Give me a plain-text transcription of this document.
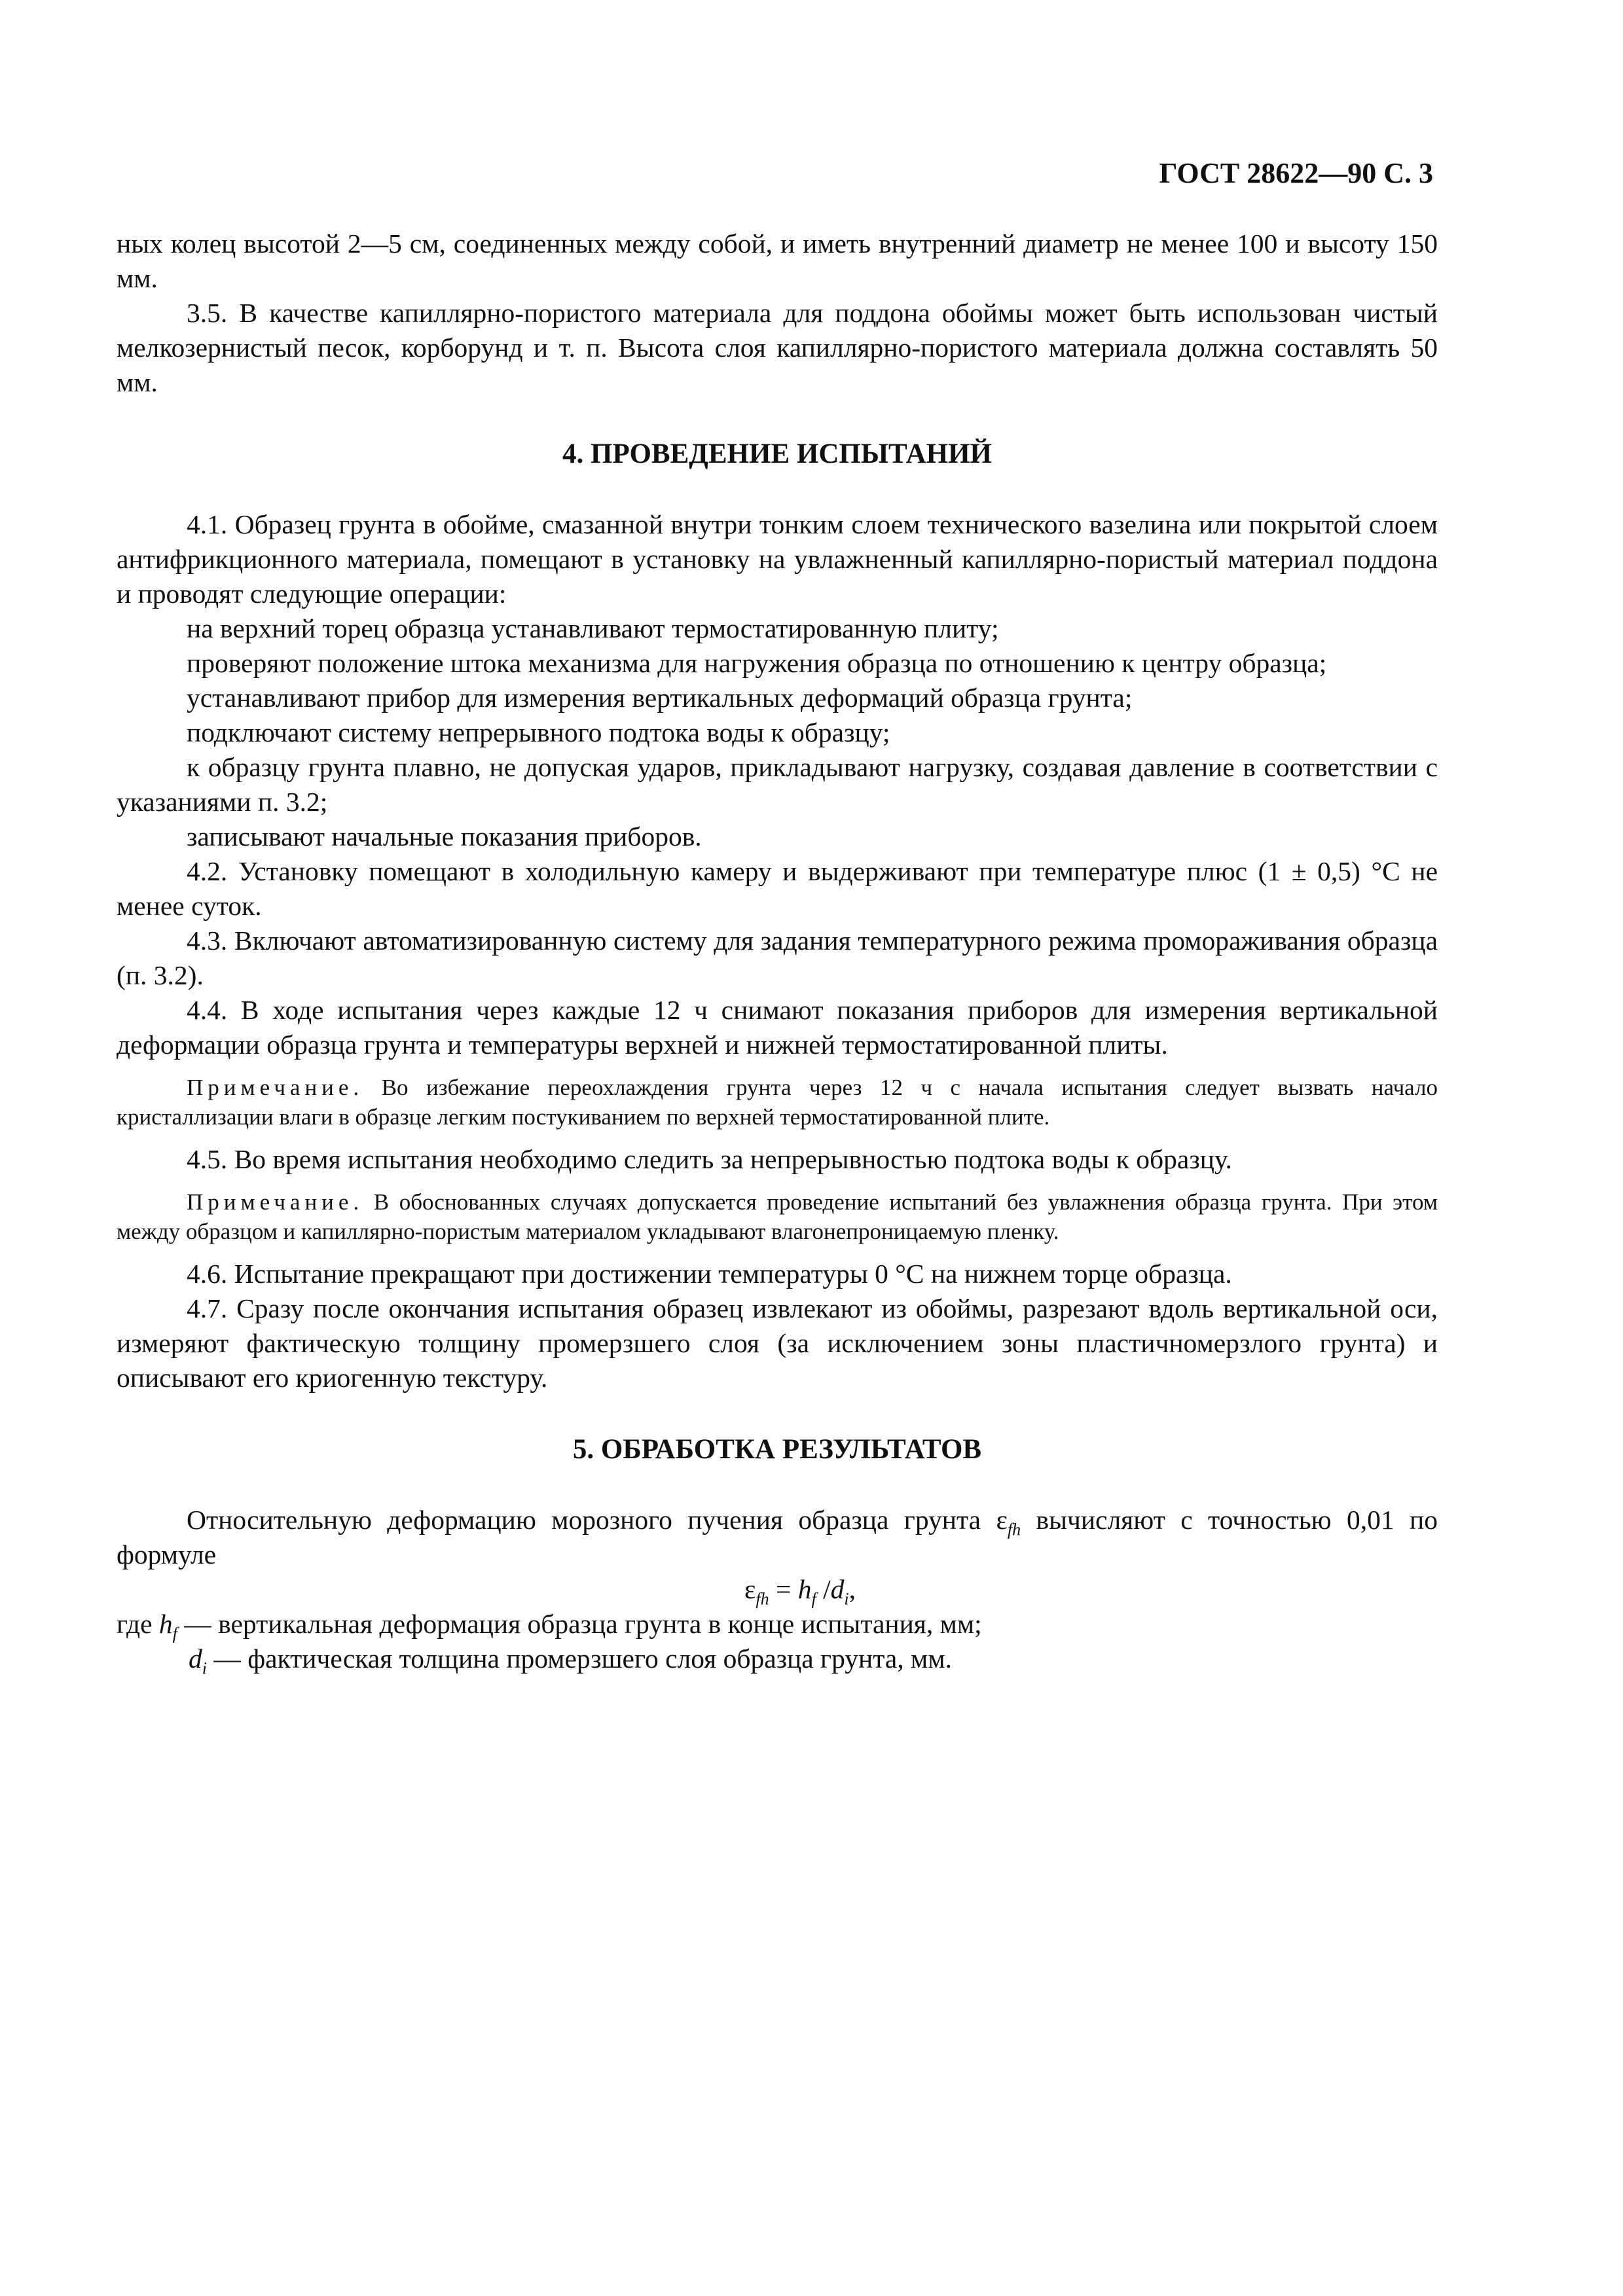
ГОСТ 28622—90 С. 3

ных колец высотой 2—5 см, соединенных между собой, и иметь внутренний диаметр не менее 100 и высоту 150 мм.

3.5. В качестве капиллярно-пористого материала для поддона обоймы может быть использован чистый мелкозернистый песок, корборунд и т. п. Высота слоя капиллярно-пористого материала должна составлять 50 мм.

4. ПРОВЕДЕНИЕ ИСПЫТАНИЙ

4.1. Образец грунта в обойме, смазанной внутри тонким слоем технического вазелина или покрытой слоем антифрикционного материала, помещают в установку на увлажненный капиллярно-пористый материал поддона и проводят следующие операции:

на верхний торец образца устанавливают термостатированную плиту;

проверяют положение штока механизма для нагружения образца по отношению к центру образца;

устанавливают прибор для измерения вертикальных деформаций образца грунта;

подключают систему непрерывного подтока воды к образцу;

к образцу грунта плавно, не допуская ударов, прикладывают нагрузку, создавая давление в соответствии с указаниями п. 3.2;

записывают начальные показания приборов.

4.2. Установку помещают в холодильную камеру и выдерживают при температуре плюс (1 ± 0,5) °С не менее суток.

4.3. Включают автоматизированную систему для задания температурного режима промораживания образца (п. 3.2).

4.4. В ходе испытания через каждые 12 ч снимают показания приборов для измерения вертикальной деформации образца грунта и температуры верхней и нижней термостатированной плиты.

Примечание. Во избежание переохлаждения грунта через 12 ч с начала испытания следует вызвать начало кристаллизации влаги в образце легким постукиванием по верхней термостатированной плите.

4.5. Во время испытания необходимо следить за непрерывностью подтока воды к образцу.

Примечание. В обоснованных случаях допускается проведение испытаний без увлажнения образца грунта. При этом между образцом и капиллярно-пористым материалом укладывают влагонепроницаемую пленку.

4.6. Испытание прекращают при достижении температуры 0 °С на нижнем торце образца.

4.7. Сразу после окончания испытания образец извлекают из обоймы, разрезают вдоль вертикальной оси, измеряют фактическую толщину промерзшего слоя (за исключением зоны пластичномерзлого грунта) и описывают его криогенную текстуру.

5. ОБРАБОТКА РЕЗУЛЬТАТОВ

Относительную деформацию морозного пучения образца грунта $\varepsilon_{fh}$ вычисляют с точностью 0,01 по формуле

$\varepsilon_{fh} = h_f$ $/d_i$,

где $h_f$ — вертикальная деформация образца грунта в конце испытания, мм;

$d_i$ — фактическая толщина промерзшего слоя образца грунта, мм.
